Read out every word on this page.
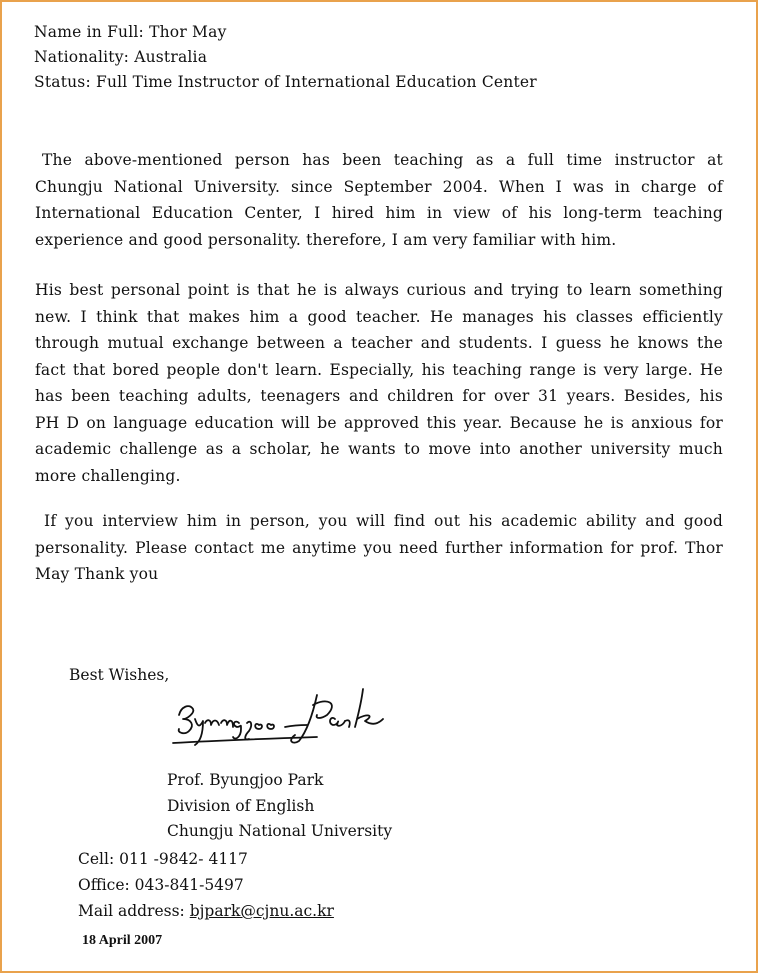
Name in Full: Thor May
Nationality: Australia
Status: Full Time Instructor of International Education Center
The above-mentioned person has been teaching as a full time instructor at
Chungju National University. since September 2004. When I was in charge of
International Education Center, I hired him in view of his long-term teaching
experience and good personality. therefore, I am very familiar with him.
His best personal point is that he is always curious and trying to learn something
new. I think that makes him a good teacher. He manages his classes efficiently
through mutual exchange between a teacher and students. I guess he knows the
fact that bored people don't learn. Especially, his teaching range is very large. He
has been teaching adults, teenagers and children for over 31 years. Besides, his
PH D on language education will be approved this year. Because he is anxious for
academic challenge as a scholar, he wants to move into another university much
more challenging.
If you interview him in person, you will find out his academic ability and good
personality. Please contact me anytime you need further information for prof. Thor
May Thank you
Best Wishes,
Prof. Byungjoo Park
Division of English
Chungju National University
Cell: 011 -9842- 4117
Office: 043-841-5497
Mail address: bjpark@cjnu.ac.kr
18 April 2007
